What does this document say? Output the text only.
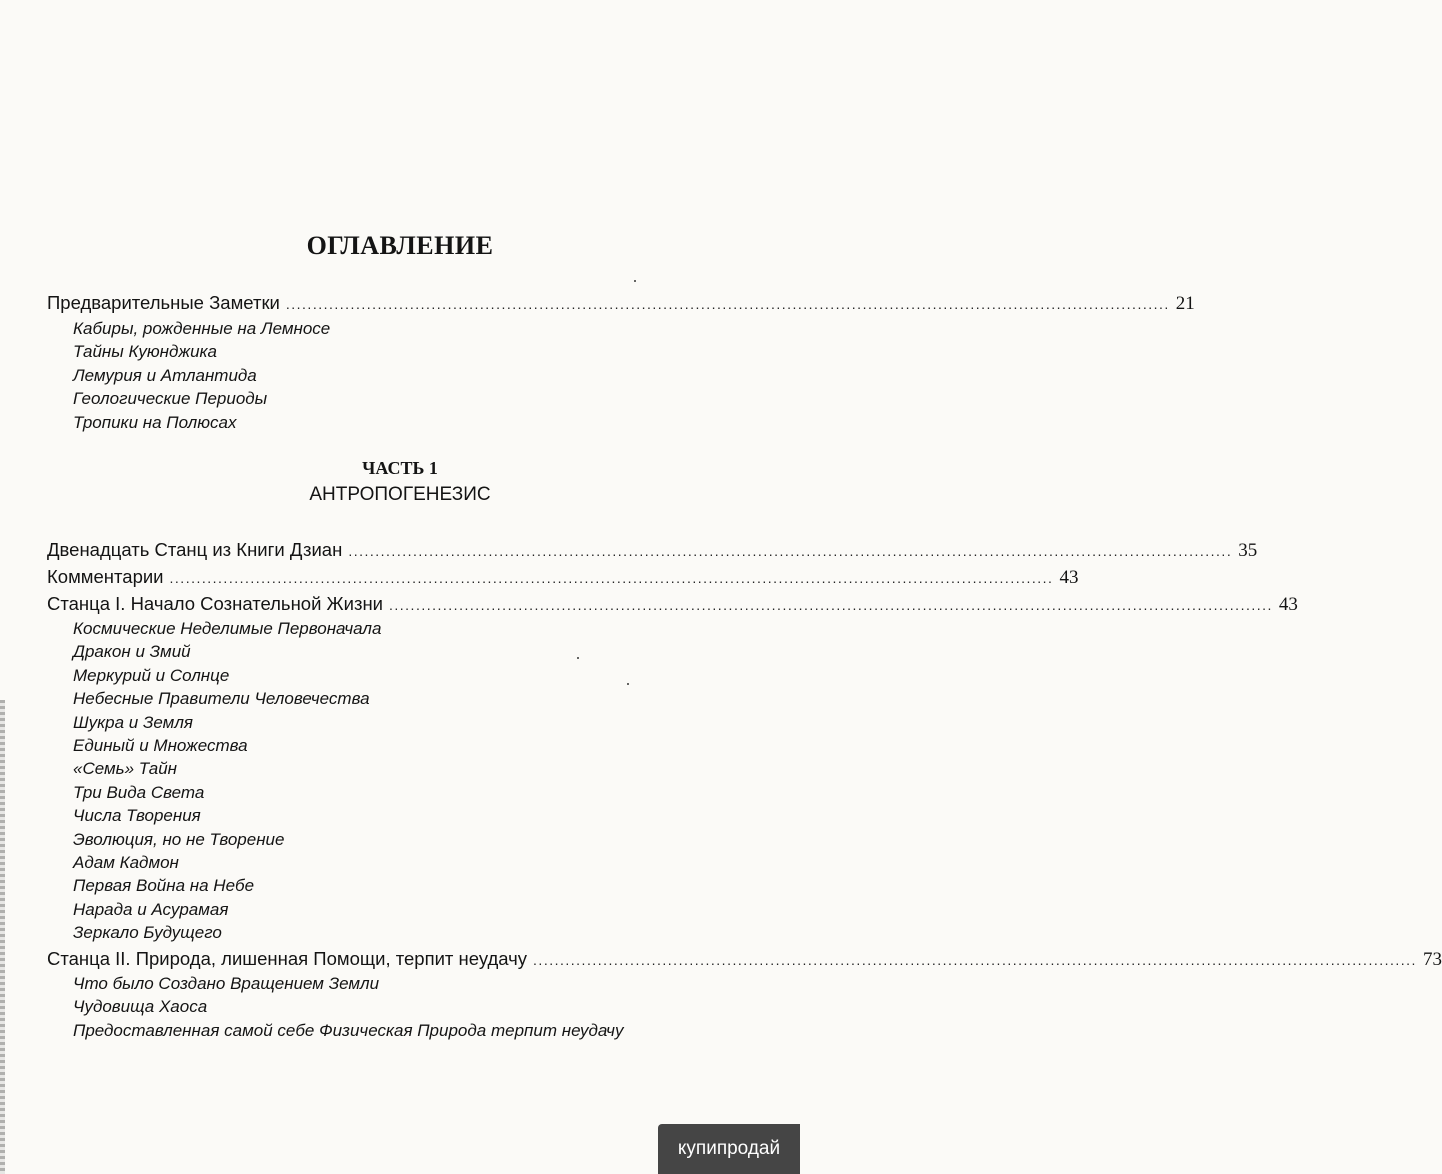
ОГЛАВЛЕНИЕ
Предварительные Заметки .................................................................................................................................................................... 21
Кабиры, рожденные на Лемносе
Тайны Куюнджика
Лемурия и Атлантида
Геологические Периоды
Тропики на Полюсах
ЧАСТЬ 1

АНТРОПОГЕНЕЗИС

Двенадцать Станц из Книги Дзиан .................................................................................................................................................................... 35
Комментарии .................................................................................................................................................................... 43
Станца I. Начало Сознательной Жизни .................................................................................................................................................................... 43
Космические Неделимые Первоначала
Дракон и Змий
Меркурий и Солнце
Небесные Правители Человечества
Шукра и Земля
Единый и Множества
«Семь» Тайн
Три Вида Света
Числа Творения
Эволюция, но не Творение
Адам Кадмон
Первая Война на Небе
Нарада и Асурамая
Зеркало Будущего
Станца II. Природа, лишенная Помощи, терпит неудачу .................................................................................................................................................................... 73
Что было Создано Вращением Земли
Чудовища Хаоса
Предоставленная самой себе Физическая Природа терпит неудачу
купипродай
